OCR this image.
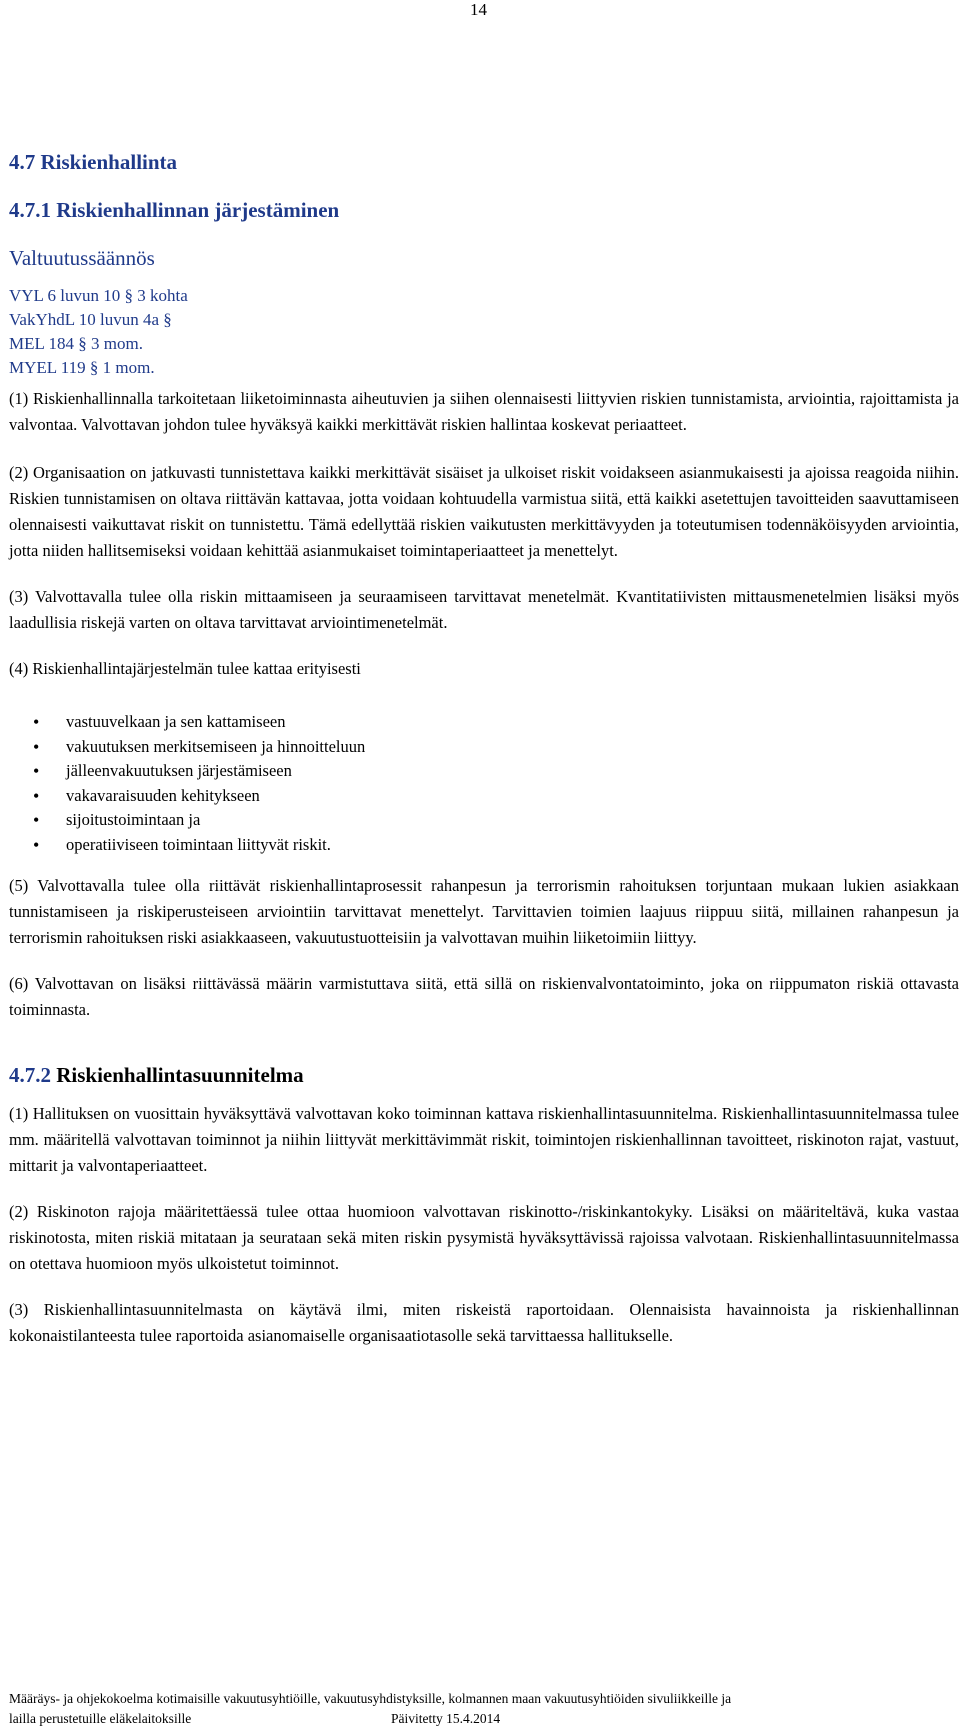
14
4.7 Riskienhallinta
4.7.1 Riskienhallinnan järjestäminen
Valtuutussäännös
VYL 6 luvun 10 § 3 kohta
VakYhdL 10 luvun 4a §
MEL 184 § 3 mom.
MYEL 119 § 1 mom.

(1) Riskienhallinnalla tarkoitetaan liiketoiminnasta aiheutuvien ja siihen olennaisesti liittyvien riskien tunnistamista, arviointia, rajoittamista ja valvontaa. Valvottavan johdon tulee hyväksyä kaikki merkittävät riskien hallintaa koskevat periaatteet.

(2) Organisaation on jatkuvasti tunnistettava kaikki merkittävät sisäiset ja ulkoiset riskit voidakseen asianmukaisesti ja ajoissa reagoida niihin. Riskien tunnistamisen on oltava riittävän kattavaa, jotta voidaan kohtuudella varmistua siitä, että kaikki asetettujen tavoitteiden saavuttamiseen olennaisesti vaikuttavat riskit on tunnistettu. Tämä edellyttää riskien vaikutusten merkittävyyden ja toteutumisen todennäköisyyden arviointia, jotta niiden hallitsemiseksi voidaan kehittää asianmukaiset toimintaperiaatteet ja menettelyt.

(3) Valvottavalla tulee olla riskin mittaamiseen ja seuraamiseen tarvittavat menetelmät. Kvantitatiivisten mittausmenetelmien lisäksi myös laadullisia riskejä varten on oltava tarvittavat arviointimenetelmät.

(4) Riskienhallintajärjestelmän tulee kattaa erityisesti

• vastuuvelkaan ja sen kattamiseen
• vakuutuksen merkitsemiseen ja hinnoitteluun
• jälleenvakuutuksen järjestämiseen
• vakavaraisuuden kehitykseen
• sijoitustoimintaan ja
• operatiiviseen toimintaan liittyvät riskit.

(5) Valvottavalla tulee olla riittävät riskienhallintaprosessit rahanpesun ja terrorismin rahoituksen torjuntaan mukaan lukien asiakkaan tunnistamiseen ja riskiperusteiseen arviointiin tarvittavat menettelyt. Tarvittavien toimien laajuus riippuu siitä, millainen rahanpesun ja terrorismin rahoituksen riski asiakkaaseen, vakuutustuotteisiin ja valvottavan muihin liiketoimiin liittyy.

(6) Valvottavan on lisäksi riittävässä määrin varmistuttava siitä, että sillä on riskienvalvontatoiminto, joka on riippumaton riskiä ottavasta toiminnasta.

4.7.2 Riskienhallintasuunnitelma

(1) Hallituksen on vuosittain hyväksyttävä valvottavan koko toiminnan kattava riskienhallintasuunnitelma. Riskienhallintasuunnitelmassa tulee mm. määritellä valvottavan toiminnot ja niihin liittyvät merkittävimmät riskit, toimintojen riskienhallinnan tavoitteet, riskinoton rajat, vastuut, mittarit ja valvontaperiaatteet.

(2) Riskinoton rajoja määritettäessä tulee ottaa huomioon valvottavan riskinotto-/riskinkantokyky. Lisäksi on määriteltävä, kuka vastaa riskinotosta, miten riskiä mitataan ja seurataan sekä miten riskin pysymistä hyväksyttävissä rajoissa valvotaan. Riskienhallintasuunnitelmassa on otettava huomioon myös ulkoistetut toiminnot.

(3) Riskienhallintasuunnitelmasta on käytävä ilmi, miten riskeistä raportoidaan. Olennaisista havainnoista ja riskienhallinnan kokonaistilanteesta tulee raportoida asianomaiselle organisaatiotasolle sekä tarvittaessa hallitukselle.

Määräys- ja ohjekokoelma kotimaisille vakuutusyhtiöille, vakuutusyhdistyksille, kolmannen maan vakuutusyhtiöiden sivuliikkeille ja
lailla perustetuille eläkelaitoksille	Päivitetty 15.4.2014
